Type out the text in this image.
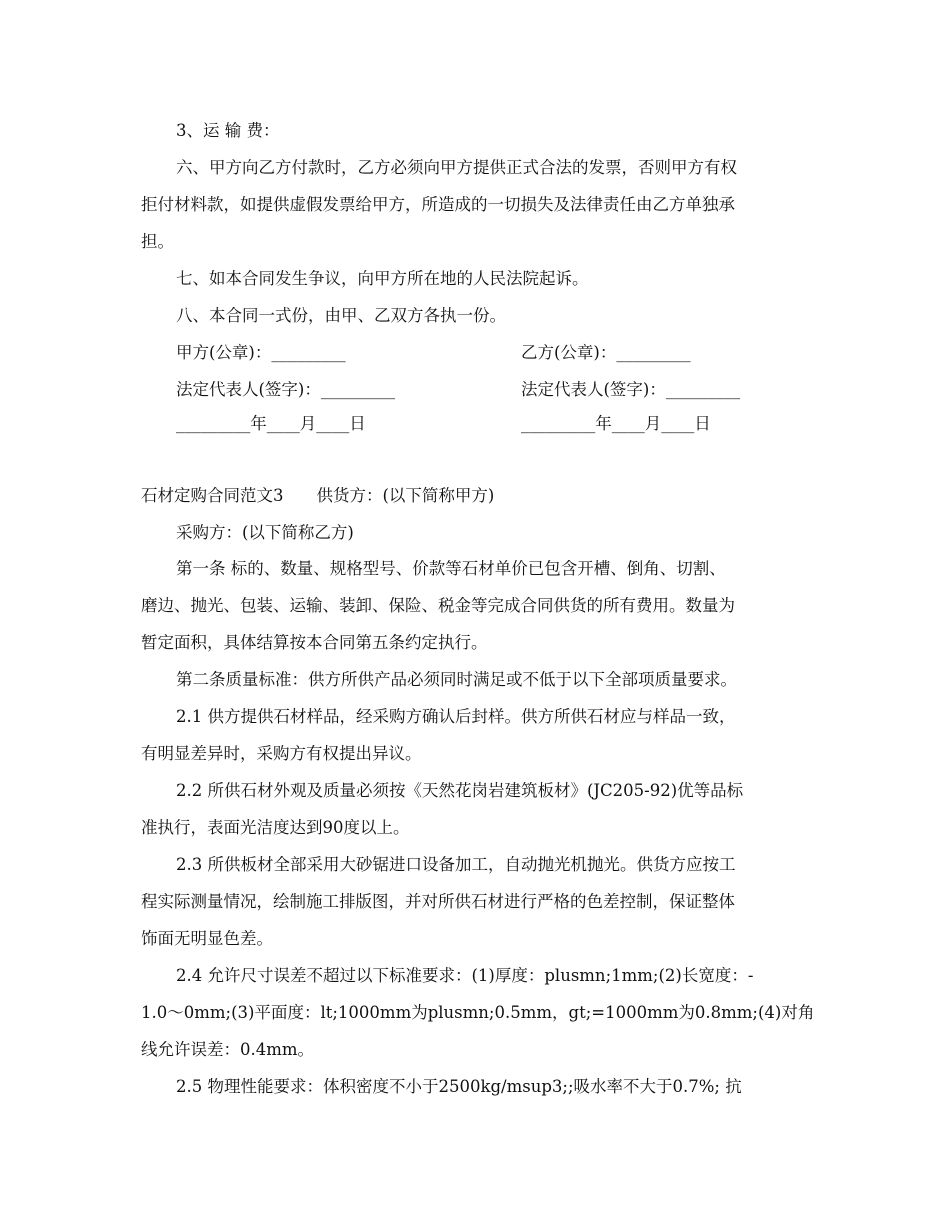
3、运 输 费：
六、甲方向乙方付款时，乙方必须向甲方提供正式合法的发票，否则甲方有权
拒付材料款，如提供虚假发票给甲方，所造成的一切损失及法律责任由乙方单独承
担。
七、如本合同发生争议，向甲方所在地的人民法院起诉。
八、本合同一式份，由甲、乙双方各执一份。
甲方(公章)：_________	乙方(公章)：_________
法定代表人(签字)：_________	法定代表人(签字)：_________
_________年____月____日	_________年____月____日
石材定购合同范文3　　供货方：(以下简称甲方)
采购方：(以下简称乙方)
第一条 标的、数量、规格型号、价款等石材单价已包含开槽、倒角、切割、
磨边、抛光、包装、运输、装卸、保险、税金等完成合同供货的所有费用。数量为
暂定面积，具体结算按本合同第五条约定执行。
第二条质量标准：供方所供产品必须同时满足或不低于以下全部项质量要求。
2.1 供方提供石材样品，经采购方确认后封样。供方所供石材应与样品一致，
有明显差异时，采购方有权提出异议。
2.2 所供石材外观及质量必须按《天然花岗岩建筑板材》(JC205-92)优等品标
准执行，表面光洁度达到90度以上。
2.3 所供板材全部采用大砂锯进口设备加工，自动抛光机抛光。供货方应按工
程实际测量情况，绘制施工排版图，并对所供石材进行严格的色差控制，保证整体
饰面无明显色差。
2.4 允许尺寸误差不超过以下标准要求：(1)厚度：plusmn;1mm;(2)长宽度：-
1.0～0mm;(3)平面度：lt;1000mm为plusmn;0.5mm，gt;=1000mm为0.8mm;(4)对角
线允许误差：0.4mm。
2.5 物理性能要求：体积密度不小于2500kg/msup3;;吸水率不大于0.7%; 抗
